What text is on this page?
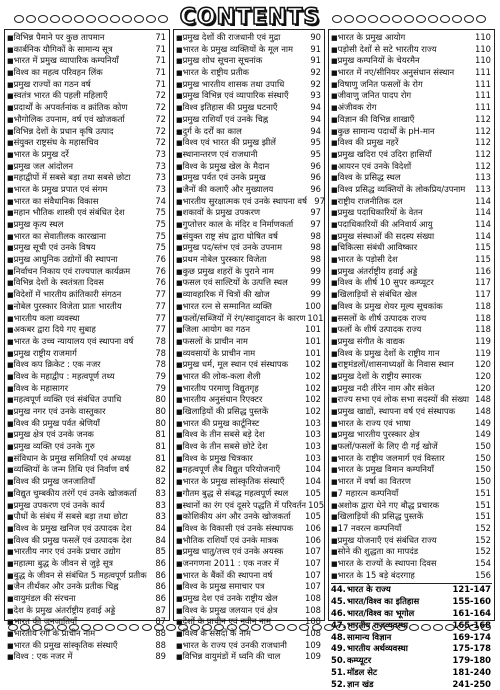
CONTENTS
■ विभिन्न पैमाने पर कुछ तापमान	71
■ कार्बनिक यौगिकों के सामान्य सूत्र	71
■ भारत में प्रमुख व्यापारिक कम्पनियाँ	71
■ विश्व का महत्व परिवहन लिंक	71
■ प्रमुख राज्यों का गठन वर्ष	71
■ स्वतंत्र भारत की पहली महिलाएँ	72
■ प्रदार्थों के अपवर्तनांक व क्रांतिक कोण	72
■ भौगोलिक उपनाम, वर्ष एवं खोजकर्ता	72
■ विभिन्न देशों के प्रधान कृषि उत्पाद	72
■ संयुक्त राष्ट्रसंघ के महासचिव	72
■ भारत के प्रमुख दर्रे	73
■ प्रमुख जल आंदोलन	73
■ महाद्वीपों में सबसे बड़ा तथा सबसे छोटा	73
■ भारत के प्रमुख प्रपात एवं संगम	73
■ भारत का संवैधानिक विकास	74
■ महान भौतिक शास्त्री एवं संबंधित देश	75
■ प्रमुख कृत्य स्थल	75
■ भारत का सेवातीलक कारखाना	75
■ प्रमुख सूची एवं उनके विषय	75
■ प्रमुख आधुनिक उद्योगों की स्थापना	76
■ निर्वाचन निकाय एवं राज्यपाल कार्यक्रम	76
■ विभिन्न देशों के स्वतंत्रता दिवस	76
■ विदेशों में भारतीय क्रांतिकारी संगठन	77
■ नोबेल पुरस्कार विजेता प्रातः भारतीय	77
■ भारतीय कला व्यवस्था	77
■ अकबर द्वारा दिये गए सुबाह	77
■ भारत के उच्च न्यायालय एवं स्थापना वर्ष	78
■ प्रमुख राष्ट्रीय राजमार्ग	78
■ विश्व कप क्रिकेट : एक नजर	78
■ विश्व के महाद्वीप : महत्वपूर्ण तथ्य	79
■ विश्व के महासागर	79
■ महत्वपूर्ण व्यक्ति एवं संबंधित उपाधि	80
■ प्रमुख नगर एवं उनके वास्तुकार	80
■ विश्व की प्रमुख पर्वत श्रेणियाँ	80
■ प्रमुख क्षेत्र एवं उनके जनक	81
■ प्रमुख व्यक्ति एवं उनके गुरु	81
■ संविधान के प्रमुख समितियाँ एवं अध्यक्ष	81
■ व्यक्तियों के जन्म तिथि एवं निर्वाण वर्ष	82
■ विश्व की प्रमुख जनजातियाँ	82
■ विद्युत चुम्बकीय तरंगें एवं उनके खोजकर्ता	83
■ प्रमुख उपकरण एवं उनके कार्य	83
■ पौधों के संबंध में सबसे बड़ा तथा छोटा	83
■ विश्व के प्रमुख खनिज एवं उत्पादक देश	84
■ विश्व की प्रमुख फसलें एवं उत्पादक देश	84
■ भारतीय नगर एवं उनके प्रचार उद्योग	85
■ महात्मा बुद्ध के जीवन से जुड़े सूत्र	86
■ बुद्ध के जीवन से संबंधित 5 महत्वपूर्ण प्रतीक	86
■ जैन तीर्थंकर और उनके प्रतीक चिह्न	86
■ वायुमंडल की संरचना	86
■ देश के प्रमुख अंतर्राष्ट्रीय हवाई अड्डे	87
■ भारत की जनजातियाँ	87
■ भारतीय रंगों के प्राचीन नाम	88
■ भारत की प्रमुख सांस्कृतिक संस्थाएँ	88
■ विश्व : एक नजर में	89
■ प्रमुख देशों की राजधानी एवं मुद्रा	90
■ भारत के प्रमुख व्यक्तियों के मूल नाम	91
■ प्रमुख शोध सूचना सूचनांक	91
■ भारत के राष्ट्रीय प्रतीक	92
■ प्रमुख भारतीय शासक तथा उपाधि	92
■ प्रमुख विभिन्न एवं व्यापारिक संस्थाएँ	93
■ विश्व इतिहास की प्रमुख घटनाएँ	94
■ प्रमुख राशियाँ एवं उनके चिह्न	94
■ दुर्ग के दर्रों का काल	94
■ विश्व एवं भारत की प्रमुख झीलें	95
■ स्थानान्तरण एवं राजधानी	95
■ विश्व के प्रमुख खेल के मैदान	96
■ प्रमुख पर्वत एवं उनके प्रमुख	96
■ जैनों की कलाएँ और मुख्यालय	96
■ भारतीय सुरक्षात्मक एवं उनके स्थापना वर्ष 97
■ शकावों के प्रमुख उपकरण	97
■ गुप्तोत्तर काल के मंदिर व निर्माणकर्ता	97
■ संयुक्त राष्ट्र संघ द्वारा घोषित वर्ष	98
■ प्रमुख पद/स्तंभ एवं उनके उपनाम	98
■ प्रथम नोबेल पुरस्कार विजेता	98
■ कुछ प्रमुख शहरों के पुराने नाम	99
■ फसल एवं साल्टियों के उत्पत्ति स्थल	99
■ व्यावहारिक में चित्रों की खोज	99
■ भारत रत्न से सम्मानित व्यक्ति	100
■ फलों/सब्जियों में रंग/स्वादुवादन के कारण 101
■ जिला आयोग का गठन	101
■ फसलों के प्राचीन नाम	101
■ व्यवसायों के प्राचीन नाम	101
■ प्रमुख धर्म, मूल स्थान एवं संस्थापक	102
■ भारत की लोक-कला शैली	102
■ भारतीय परमाणु विद्युतगृह	102
■ भारतीय अनुसंधान रिएक्टर	102
■ खिलाड़ियों की प्रसिद्ध पुस्तकें	102
■ भारत की प्रमुख कार्टूनिस्ट	103
■ विश्व के तीन सबसे बड़े देश	103
■ विश्व के तीन सबसे छोटे देश	103
■ विश्व के प्रमुख चित्रकार	103
■ महत्वपूर्ण लैब विद्युत परियोजनाएँ	104
■ भारत के प्रमुख सांस्कृतिक संस्थाएँ	104
■ गौतम बुद्ध से संबद्ध महत्वपूर्ण स्थल	105
■ स्थानों का रंग एवं दूसरे पद्धति में परिवर्तन 105
■ कोशिकीय अंग और उनके खोजकर्ता	105
■ विश्व के विकासी एवं उनके संस्थापक	106
■ भौतिक राशियाँ एवं उनके मात्रक	106
■ प्रमुख धातु/तत्त्व एवं उनके अयस्क	107
■ जनगणना 2011 : एक नजर में	107
■ भारत के बैंकों की स्थापना वर्ष	107
■ विश्व के प्रमुख समाचार पत्र	107
■ प्रमुख देश एवं उनके राष्ट्रीय खेल	108
■ विश्व के प्रमुख जलयान एवं क्षेत्र	108
■ देशों के प्राचीन एवं नवीन नाम	108
■ विश्व के संसदों के नाम	108
■ भारत के राज्य एवं उनकी राजधानी	109
■ विभिन्न वायुमंडों में ध्वनि की चाल	109
■ भारत के प्रमुख आयोग	110
■ पड़ोसी देशों से सटे भारतीय राज्य	110
■ प्रमुख कम्पनियों के चेयरमैन	110
■ भारत में नए/सीनियर अनुसंधान संस्थान	111
■ विषाणु जनित फसलों के रोग	111
■ जीवाणु जनित पादप रोग	111
■ अंजीवक रोग	111
■ विज्ञान की विभिन्न शाखाएँ	112
■ कुछ सामान्य पदार्थों के pH-मान	112
■ विश्व की प्रमुख नहरें	112
■ प्रमुख खदिरा एवं उदिरा हासियाँ	112
■ आयरन एवं उनके विदेशों	112
■ विश्व के प्रसिद्ध स्थल	113
■ विश्व प्रसिद्ध व्यक्तियों के लोकप्रिय/उपनाम	113
■ राष्ट्रीय राजनीतिक दल	114
■ प्रमुख पदाधिकारियों के वेतन	114
■ पदाधिकारियों की अनिवार्य आयु	114
■ प्रमुख संस्थाओं की सदस्य संख्या	114
■ चिकित्सा संबंधी आविष्कार	115
■ भारत के पड़ोसी देश	115
■ प्रमुख अंतर्राष्ट्रीय हवाई अड्डे	116
■ विश्व के शीर्ष 10 सुपर कम्प्यूटर	117
■ खिलाड़ियों से संबंधित खेल	117
■ विश्व के प्रमुख शेयर मूल्य सूचकांक	118
■ ससलों के शीर्ष उत्पादक राज्य	118
■ फलों के शीर्ष उत्पादक राज्य	118
■ प्रमुख संगीत के वाद्यक	119
■ विश्व के प्रमुख देशों के राष्ट्रीय गान	119
■ राष्ट्रमंडलों/शासनाध्यक्षों के निवास स्थान	120
■ प्रमुख देशों के राष्ट्रीय स्मारक	120
■ प्रमुख नदी तीरेन नाम और संकेत	120
■ राज्य सभा एवं लोक सभा सदस्यों की संख्या 148
■ प्रमुख खाद्यों, स्थापना वर्ष एवं संस्थापक	148
■ भारत के राज्य एवं भाषा	149
■ प्रमुख भारतीय पुरस्कार क्षेत्र	149
■ फलों/फसलों के लिए दी गई खोजें	150
■ भारत के राष्ट्रीय जलमार्ग एवं विस्तार	150
■ भारत के प्रमुख विमान कम्पनियाँ	150
■ भारत में वर्षा का वितरण	150
■ 7 महारत्न कम्पनियाँ	151
■ अशोक द्वारा धेने गए बौद्ध प्रचारक	151
■ खिलाड़ियों की प्रसिद्ध पुस्तकें	151
■ 17 नवरत्न कम्पनियाँ	152
■ प्रमुख योजनाएँ एवं संबंधित राज्य	152
■ सोने की शुद्धता का मापदंड	152
■ भारत के राज्यों के स्थापना दिवस	154
■ भारत के 15 बड़े बंदरगाह	156
44. भारत के राज्य	121-147
45. भारत/विश्व का इतिहास	155-160
46. भारत/विश्व का भूगोल	161-164
47. भारतीय राजव्यवस्था	165-168
48. सामान्य विज्ञान	169-174
49. भारतीय अर्थव्यवस्था	175-178
50. कम्प्यूटर	179-180
51. मॉडल सेट	181-240
52. ज्ञान खंड	241-250
